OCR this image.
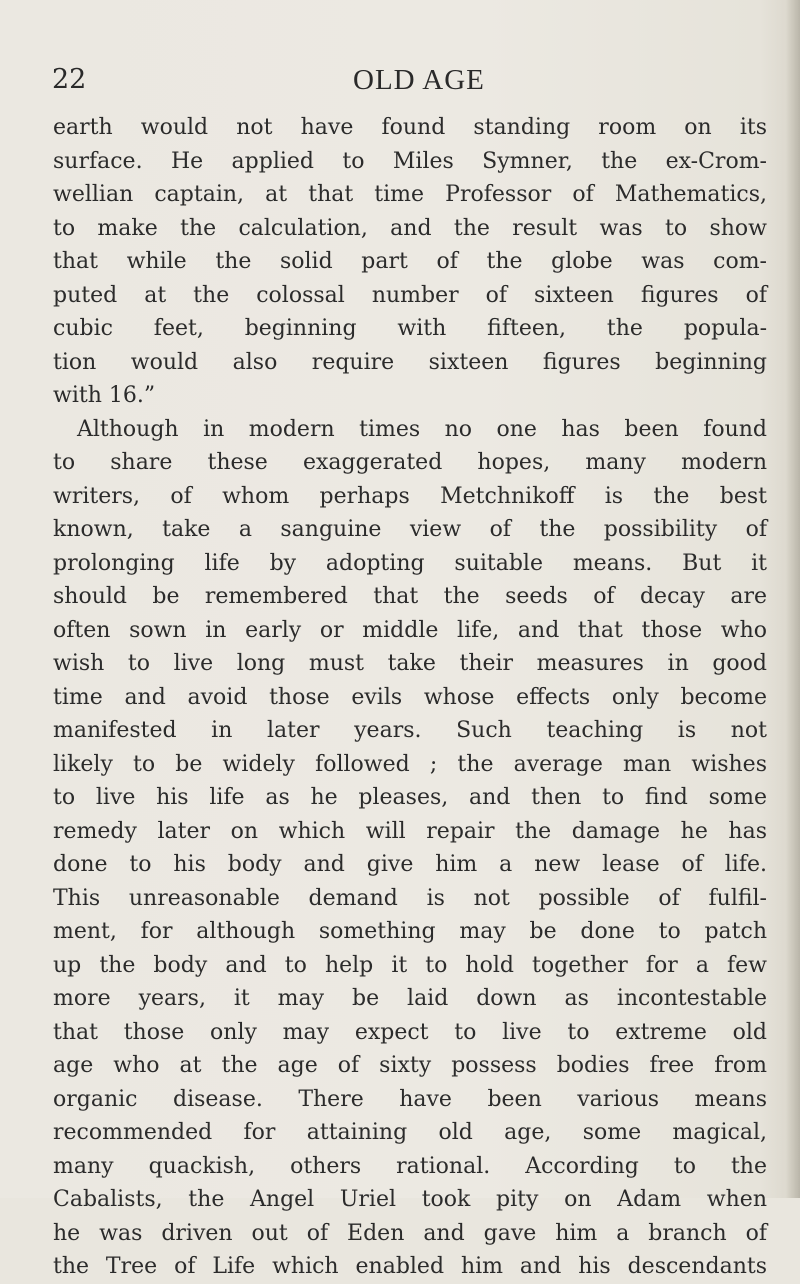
22	OLD AGE

earth would not have found standing room on its
surface. He applied to Miles Symner, the ex-Crom-
wellian captain, at that time Professor of Mathematics,
to make the calculation, and the result was to show
that while the solid part of the globe was com-
puted at the colossal number of sixteen figures of
cubic feet, beginning with fifteen, the popula-
tion would also require sixteen figures beginning
with 16.”
Although in modern times no one has been found
to share these exaggerated hopes, many modern
writers, of whom perhaps Metchnikoff is the best
known, take a sanguine view of the possibility of
prolonging life by adopting suitable means. But it
should be remembered that the seeds of decay are
often sown in early or middle life, and that those who
wish to live long must take their measures in good
time and avoid those evils whose effects only become
manifested in later years. Such teaching is not
likely to be widely followed ; the average man wishes
to live his life as he pleases, and then to find some
remedy later on which will repair the damage he has
done to his body and give him a new lease of life.
This unreasonable demand is not possible of fulfil-
ment, for although something may be done to patch
up the body and to help it to hold together for a few
more years, it may be laid down as incontestable
that those only may expect to live to extreme old
age who at the age of sixty possess bodies free from
organic disease. There have been various means
recommended for attaining old age, some magical,
many quackish, others rational. According to the
Cabalists, the Angel Uriel took pity on Adam when
he was driven out of Eden and gave him a branch of
the Tree of Life which enabled him and his descendants
